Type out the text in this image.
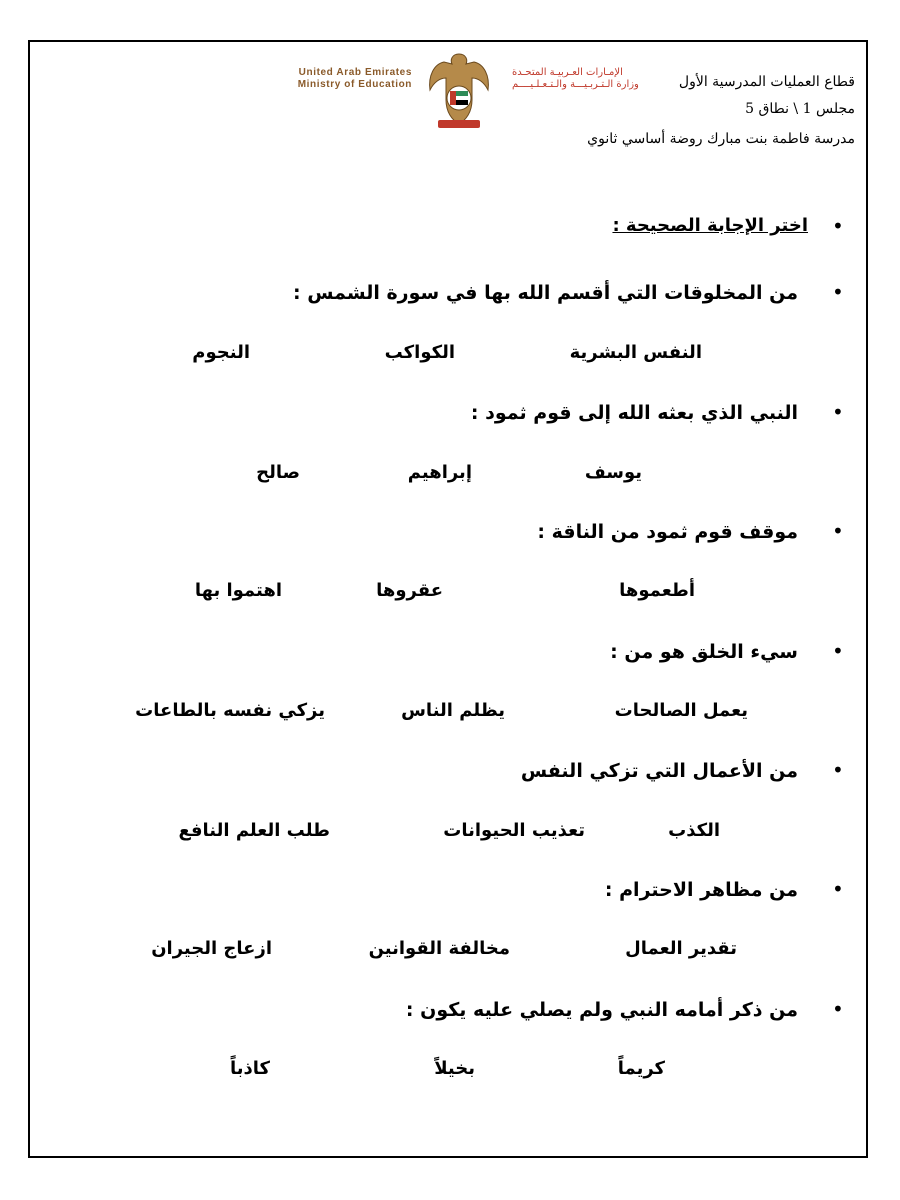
قطاع العمليات المدرسية الأول
مجلس 1 \ نطاق 5
مدرسة فاطمة بنت مبارك روضة أساسي ثانوي
United Arab Emirates
Ministry of Education
الإمـارات العـربيـة المتحـدة
وزارة الـتـربـيـــة والـتـعـلـيــــم
•
اختر الإجابة الصحيحة :
•
من المخلوقات التي أقسم الله بها في سورة الشمس :
النفس البشرية
الكواكب
النجوم
•
النبي الذي بعثه الله إلى قوم ثمود :
يوسف
إبراهيم
صالح
•
موقف قوم ثمود من الناقة :
أطعموها
عقروها
اهتموا بها
•
سيء الخلق هو من :
يعمل الصالحات
يظلم الناس
يزكي نفسه بالطاعات
•
من الأعمال التي تزكي النفس
الكذب
تعذيب الحيوانات
طلب العلم النافع
•
من مظاهر الاحترام :
تقدير العمال
مخالفة القوانين
ازعاج الجيران
•
من ذكر أمامه النبي ولم يصلي عليه يكون :
كريماً
بخيلاً
كاذباً
